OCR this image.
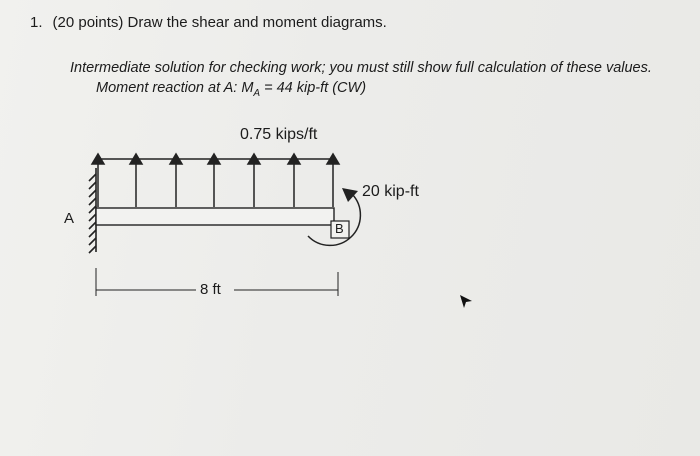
1. (20 points) Draw the shear and moment diagrams.
Intermediate solution for checking work; you must still show full calculation of these values.
Moment reaction at A: $M_A = 44$ kip-ft (CW)
0.75 kips/ft
20 kip-ft
A
B
8 ft
